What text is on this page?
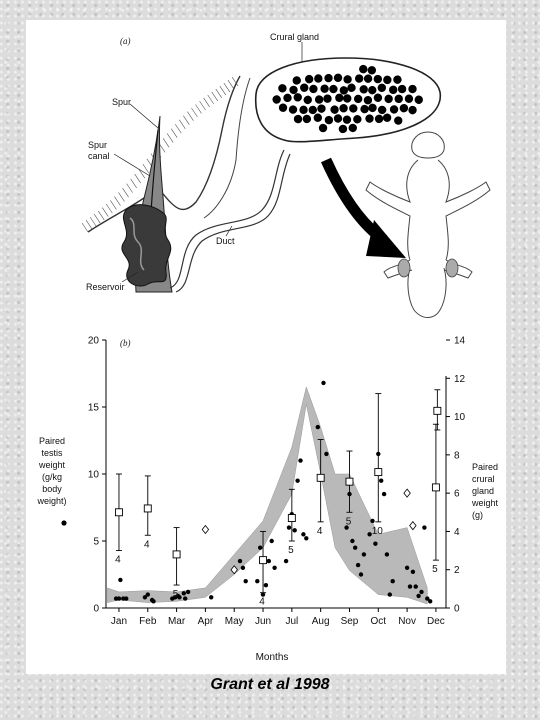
(a)	Crural gland
Spur
Spur
canal
Duct
Reservoir
(b)
0
5
10
15
20
0
2
4
6
8
10
12
14
Jan Feb Mar Apr May Jun Jul Aug Sep Oct Nov Dec
4
4
5
4
5
4
5
10
5
Paired
testis
weight
(g/kg
body
weight)
Paired
crural
gland
weight
(g)
Months
Grant et al 1998
